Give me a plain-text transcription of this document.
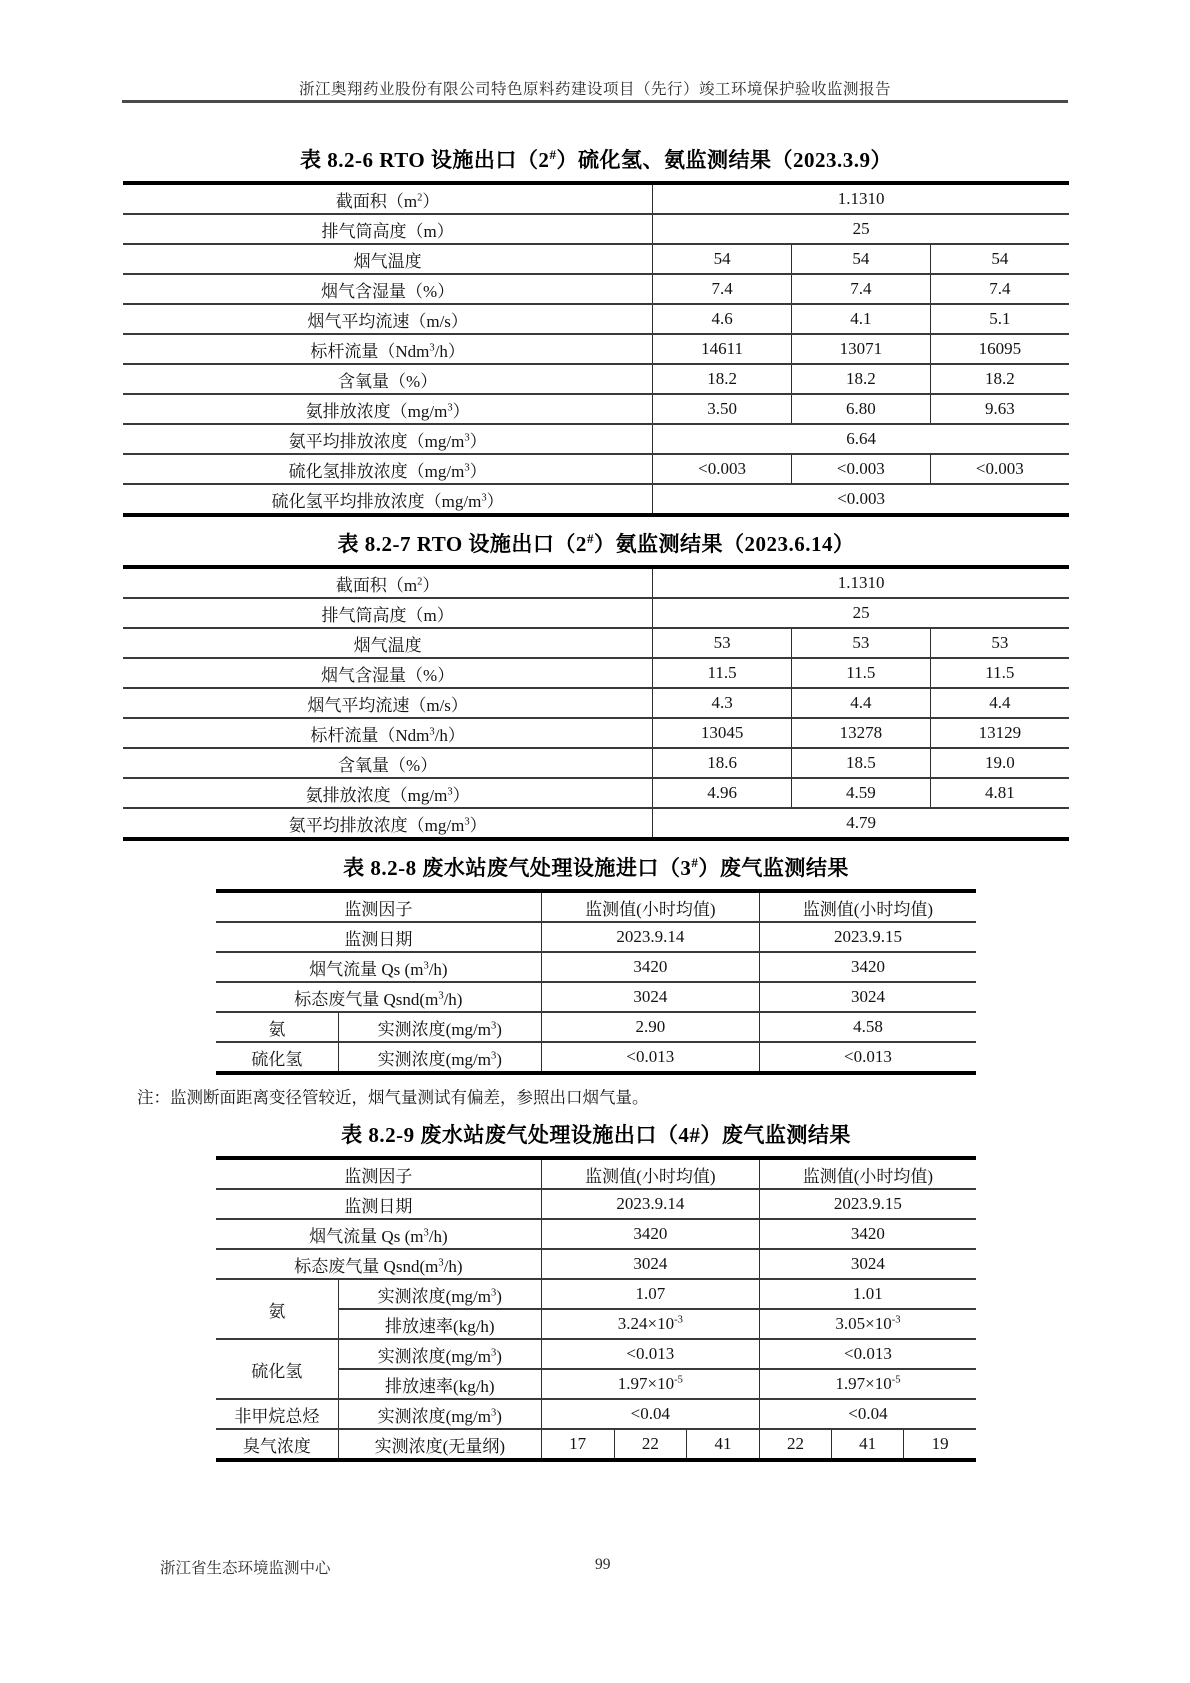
浙江奥翔药业股份有限公司特色原料药建设项目（先行）竣工环境保护验收监测报告
表 8.2-6 RTO 设施出口（2#）硫化氢、氨监测结果（2023.3.9）
截面积$(m^2)$	1.1310		
排气筒高度（m）	25		
烟气温度	54	54	54
烟气含湿量（%）	7.4	7.4	7.4
烟气平均流速（m/s）	4.6	4.1	5.1
标杆流量（Ndm$^3$/h）	14611	13071	16095
含氧量（%）	18.2	18.2	18.2
氨排放浓度$(mg/m^3)$	3.50	6.80	9.63
氨平均排放浓度$(mg/m^3)$	6.64		
硫化氢排放浓度$(mg/m^3)$	<0.003	<0.003	<0.003
硫化氢平均排放浓度$(mg/m^3)$	<0.003		
表 8.2-7 RTO 设施出口（2#）氨监测结果（2023.6.14）
截面积$(m^2)$	1.1310		
排气筒高度（m）	25		
烟气温度	53	53	53
烟气含湿量（%）	11.5	11.5	11.5
烟气平均流速（m/s）	4.3	4.4	4.4
标杆流量（Ndm$^3$/h）	13045	13278	13129
含氧量（%）	18.6	18.5	19.0
氨排放浓度$(mg/m^3)$	4.96	4.59	4.81
氨平均排放浓度$(mg/m^3)$	4.79		
表 8.2-8 废水站废气处理设施进口（3#）废气监测结果
监测因子		监测值(小时均值)	监测值(小时均值)
监测日期		2023.9.14	2023.9.15
烟气流量 Qs $(m^3/h)$		3420	3420
标态废气量 $Qsnd(m^3/h)$		3024	3024
氨	实测浓度$(mg/m^3)$	2.90	4.58
硫化氢	实测浓度$(mg/m^3)$	<0.013	<0.013
注：监测断面距离变径管较近，烟气量测试有偏差，参照出口烟气量。
表 8.2-9 废水站废气处理设施出口（4#）废气监测结果
监测因子		监测值(小时均值)			监测值(小时均值)		
监测日期		2023.9.14			2023.9.15		
烟气流量 Qs $(m^3/h)$		3420			3420		
标态废气量 $Qsnd(m^3/h)$		3024			3024		
氨	实测浓度$(mg/m^3)$	1.07			1.01		
	排放速率(kg/h)	$3.24\times 10^{-3}$			$3.05\times 10^{-3}$
硫化氢	实测浓度$(mg/m^3)$	<0.013			<0.013		
	排放速率(kg/h)	$1.97\times 10^{-5}$			$1.97\times 10^{-5}$
非甲烷总烃	实测浓度$(mg/m^3)$	<0.04			<0.04		
臭气浓度	实测浓度(无量纲)	17	22	41	22	41	19
浙江省生态环境监测中心	99
